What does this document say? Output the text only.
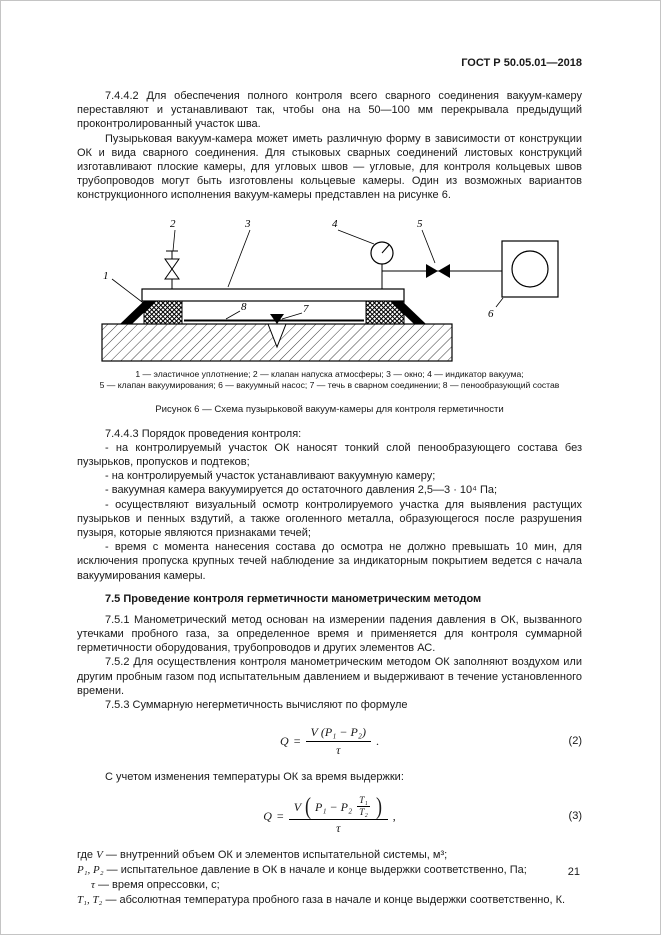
ГОСТ Р 50.05.01—2018

7.4.4.2 Для обеспечения полного контроля всего сварного соединения вакуум-камеру переставляют и устанавливают так, чтобы она на 50—100 мм перекрывала предыдущий проконтролированный участок шва.

Пузырьковая вакуум-камера может иметь различную форму в зависимости от конструкции ОК и вида сварного соединения. Для стыковых сварных соединений листовых конструкций изготавливают плоские камеры, для угловых швов — угловые, для контроля кольцевых швов трубопроводов могут быть изготовлены кольцевые камеры. Один из возможных вариантов конструкционного исполнения вакуум-камеры представлен на рисунке 6.

1
2	3	4	5
6
7
8
1 — эластичное уплотнение; 2 — клапан напуска атмосферы; 3 — окно; 4 — индикатор вакуума;
5 — клапан вакуумирования; 6 — вакуумный насос; 7 — течь в сварном соединении; 8 — пенообразующий состав
Рисунок 6 — Схема пузырьковой вакуум-камеры для контроля герметичности

7.4.4.3 Порядок проведения контроля:

- на контролируемый участок ОК наносят тонкий слой пенообразующего состава без пузырьков, пропусков и подтеков;

- на контролируемый участок устанавливают вакуумную камеру;

- вакуумная камера вакуумируется до остаточного давления 2,5—3 · 10⁴ Па;

- осуществляют визуальный осмотр контролируемого участка для выявления растущих пузырьков и пенных вздутий, а также оголенного металла, образующегося после разрушения пузыря, которые являются признаками течей;

- время с момента нанесения состава до осмотра не должно превышать 10 мин, для исключения пропуска крупных течей наблюдение за индикаторным покрытием ведется с начала вакуумирования камеры.

7.5 Проведение контроля герметичности манометрическим методом

7.5.1 Манометрический метод основан на измерении падения давления в ОК, вызванного утечками пробного газа, за определенное время и применяется для контроля суммарной герметичности оборудования, трубопроводов и других элементов АС.

7.5.2 Для осуществления контроля манометрическим методом ОК заполняют воздухом или другим пробным газом под испытательным давлением и выдерживают в течение установленного времени.

7.5.3 Суммарную негерметичность вычисляют по формуле

$Q = \frac{\text{V (P₁ − P₂)}}{\tau}$ .	(2)

С учетом изменения температуры ОК за время выдержки:

Q =
V ( $P_1 - P_2 \frac{\text{T₁}}{\text{T₂}}$ )
τ
,	(3)

где V — внутренний объем ОК и элементов испытательной системы, м³;

P₁, P₂ — испытательное давление в ОК в начале и конце выдержки соответственно, Па;

τ — время опрессовки, с;

T₁, T₂ — абсолютная температура пробного газа в начале и конце выдержки соответственно, К.

21
